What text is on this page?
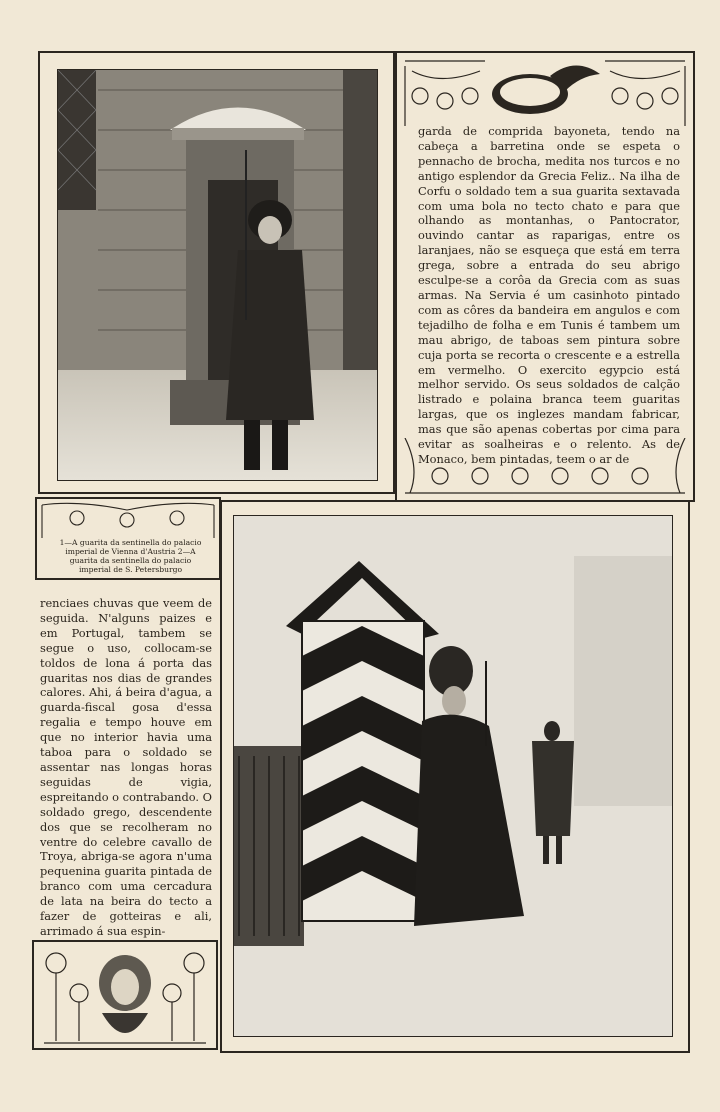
garda de comprida bayoneta, tendo na cabeça a barretina onde se espeta o pennacho de brocha, medita nos turcos e no antigo esplendor da Grecia Feliz.. Na ilha de Corfu o soldado tem a sua guarita sextavada com uma bola no tecto chato e para que olhando as montanhas, o Pantocrator, ouvindo cantar as raparigas, entre os laranjaes, não se esqueça que está em terra grega, sobre a entrada do seu abrigo esculpe-se a corôa da Grecia com as suas armas. Na Servia é um casinhoto pintado com as côres da bandeira em angulos e com tejadilho de folha e em Tunis é tambem um mau abrigo, de taboas sem pintura sobre cuja porta se recorta o crescente e a estrella em vermelho. O exercito egypcio está melhor servido. Os seus soldados de calção listrado e polaina branca teem guaritas largas, que os inglezes mandam fabricar, mas que são apenas cobertas por cima para evitar as soalheiras e o relento. As de Monaco, bem pintadas, teem o ar de
1—A guarita da sentinella do palacio imperial de Vienna d'Austria 2—A guarita da sentinella do palacio imperial de S. Petersburgo
renciaes chuvas que veem de seguida. N'alguns paizes e em Portugal, tambem se segue o uso, collocam-se toldos de lona á porta das guaritas nos dias de grandes calores. Ahi, á beira d'agua, a guarda-fiscal gosa d'essa regalia e tempo houve em que no interior havia uma taboa para o soldado se assentar nas longas horas seguidas de vigia, espreitando o contrabando. O soldado grego, descendente dos que se recolheram no ventre do celebre cavallo de Troya, abriga-se agora n'uma pequenina guarita pintada de branco com uma cercadura de lata na beira do tecto a fazer de gotteiras e ali, arrimado á sua espin-
